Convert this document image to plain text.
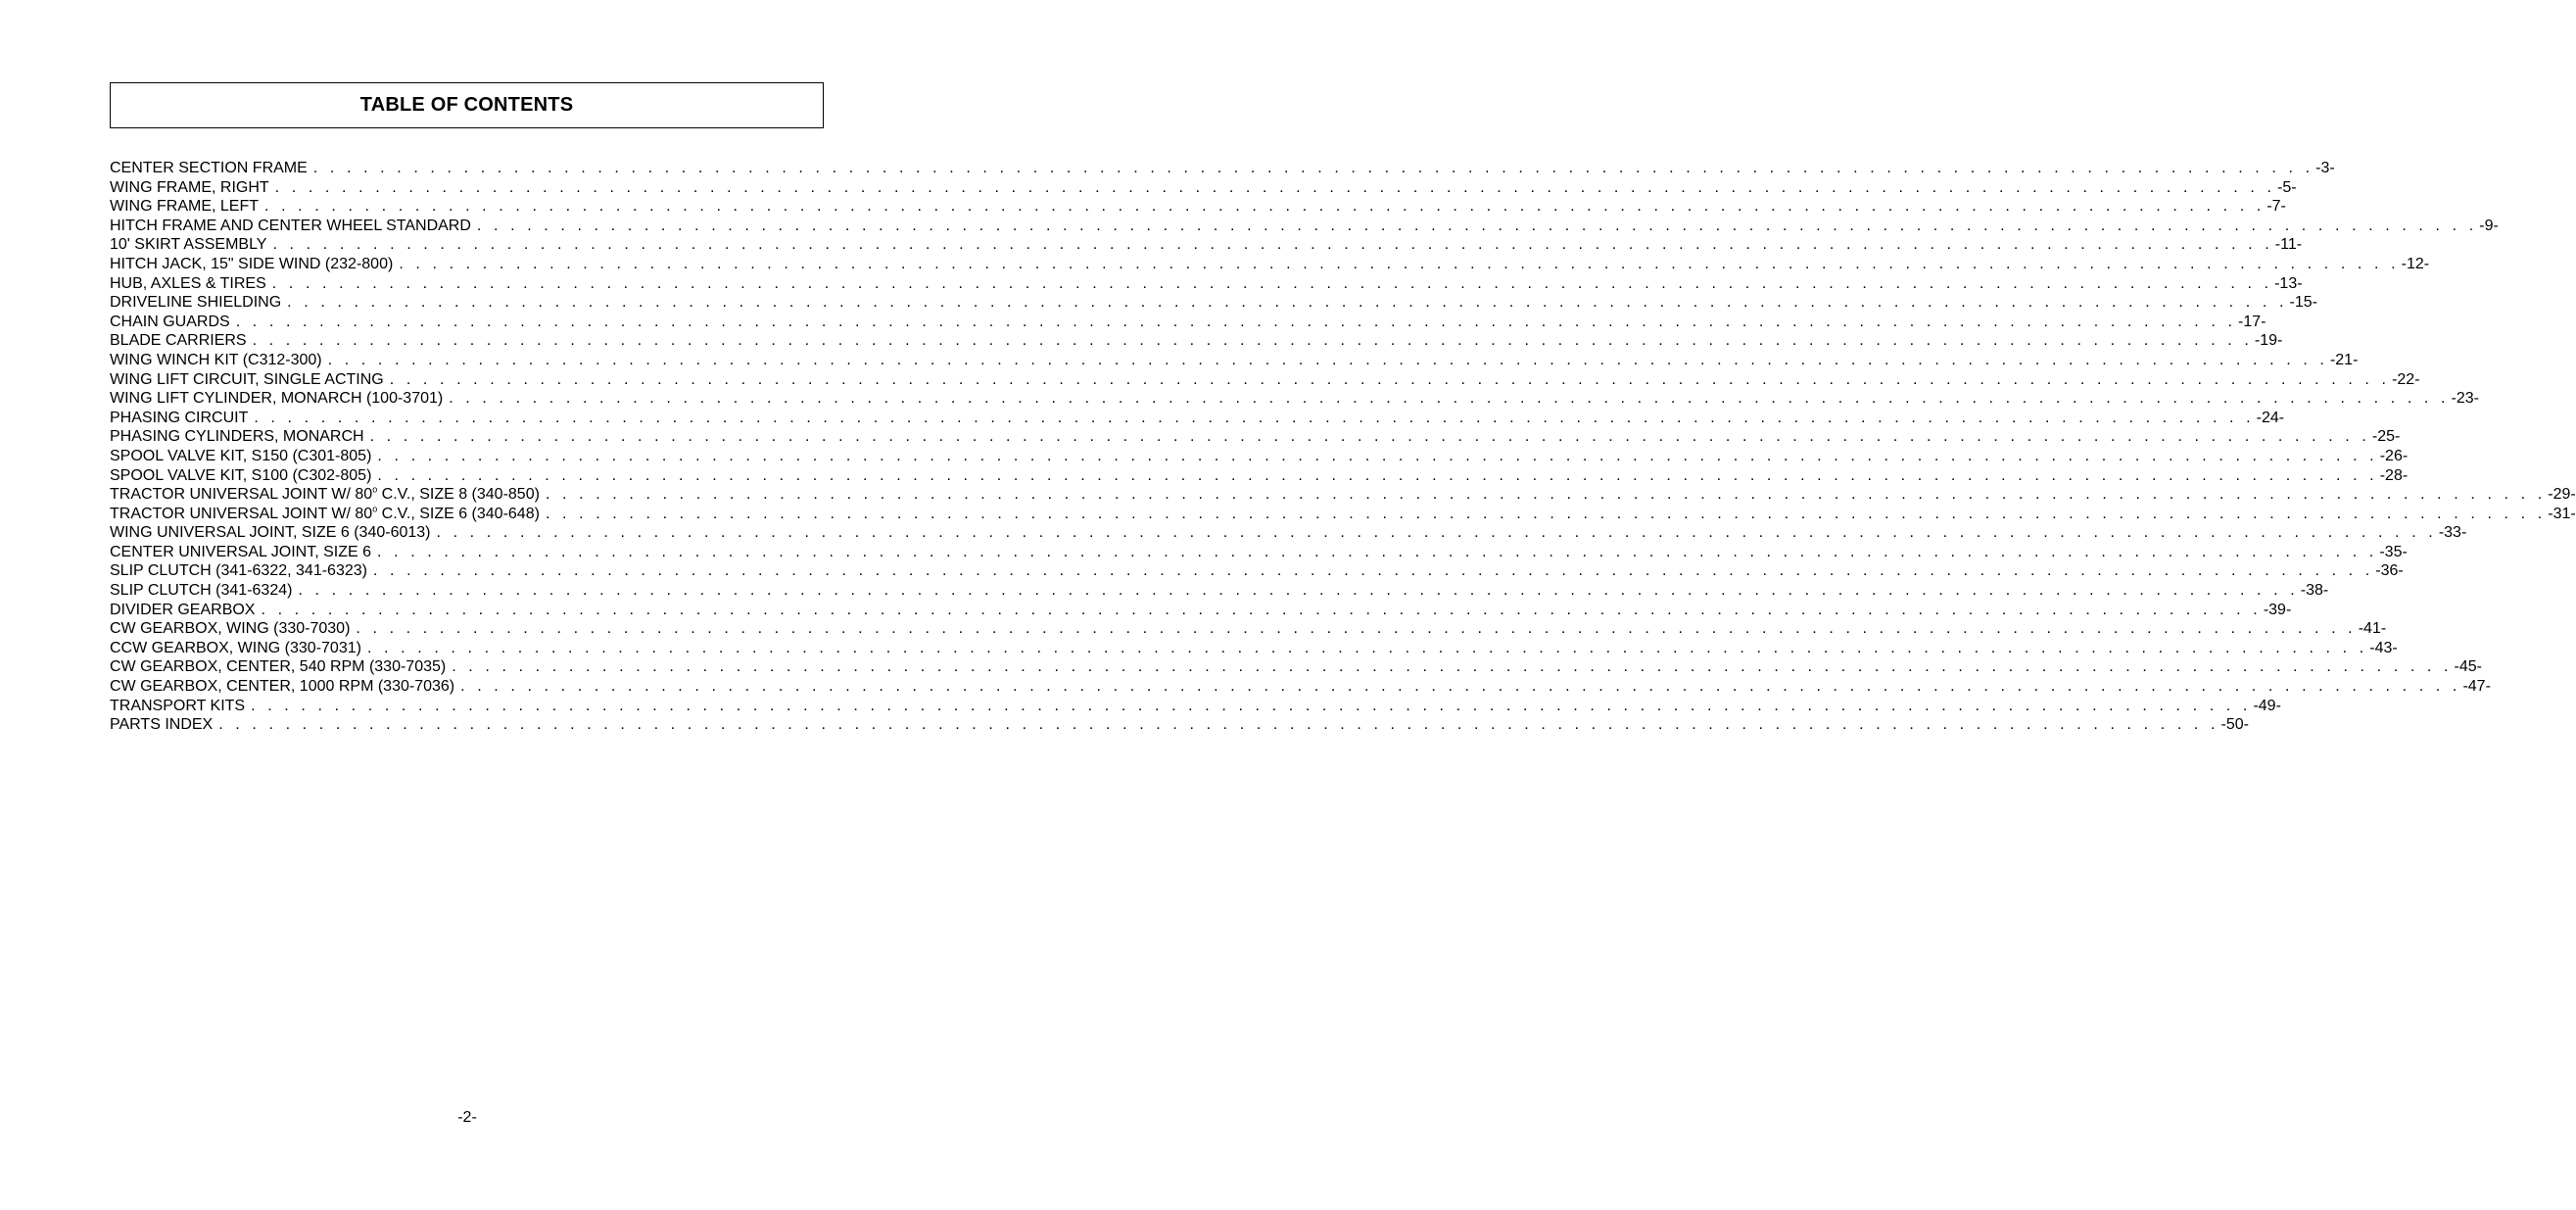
TABLE OF CONTENTS
CENTER SECTION FRAME . . . . . . . . . . . . . . . . . . . . . . . . . . . . . . . . . . . . . . . . . . . . . . . . . . . . . . . . . . . . . . . . . . . . . . . . . . . . . . . . . . . . . . . . . . . . . . . . . . . . . . . . . . . . . . . . . . . . . . . . -3-
WING FRAME, RIGHT . . . . . . . . . . . . . . . . . . . . . . . . . . . . . . . . . . . . . . . . . . . . . . . . . . . . . . . . . . . . . . . . . . . . . . . . . . . . . . . . . . . . . . . . . . . . . . . . . . . . . . . . . . . . . . . . . . . . . . . . -5-
WING FRAME, LEFT . . . . . . . . . . . . . . . . . . . . . . . . . . . . . . . . . . . . . . . . . . . . . . . . . . . . . . . . . . . . . . . . . . . . . . . . . . . . . . . . . . . . . . . . . . . . . . . . . . . . . . . . . . . . . . . . . . . . . . . . -7-
HITCH FRAME AND CENTER WHEEL STANDARD . . . . . . . . . . . . . . . . . . . . . . . . . . . . . . . . . . . . . . . . . . . . . . . . . . . . . . . . . . . . . . . . . . . . . . . . . . . . . . . . . . . . . . . . . . . . . . . . . . . . . . . . . . . . . . . . . . . . . . . . -9-
10' SKIRT ASSEMBLY . . . . . . . . . . . . . . . . . . . . . . . . . . . . . . . . . . . . . . . . . . . . . . . . . . . . . . . . . . . . . . . . . . . . . . . . . . . . . . . . . . . . . . . . . . . . . . . . . . . . . . . . . . . . . . . . . . . . . . . . -11-
HITCH JACK, 15" SIDE WIND (232-800) . . . . . . . . . . . . . . . . . . . . . . . . . . . . . . . . . . . . . . . . . . . . . . . . . . . . . . . . . . . . . . . . . . . . . . . . . . . . . . . . . . . . . . . . . . . . . . . . . . . . . . . . . . . . . . . . . . . . . . . . -12-
HUB, AXLES & TIRES . . . . . . . . . . . . . . . . . . . . . . . . . . . . . . . . . . . . . . . . . . . . . . . . . . . . . . . . . . . . . . . . . . . . . . . . . . . . . . . . . . . . . . . . . . . . . . . . . . . . . . . . . . . . . . . . . . . . . . . . -13-
DRIVELINE SHIELDING . . . . . . . . . . . . . . . . . . . . . . . . . . . . . . . . . . . . . . . . . . . . . . . . . . . . . . . . . . . . . . . . . . . . . . . . . . . . . . . . . . . . . . . . . . . . . . . . . . . . . . . . . . . . . . . . . . . . . . . . -15-
CHAIN GUARDS . . . . . . . . . . . . . . . . . . . . . . . . . . . . . . . . . . . . . . . . . . . . . . . . . . . . . . . . . . . . . . . . . . . . . . . . . . . . . . . . . . . . . . . . . . . . . . . . . . . . . . . . . . . . . . . . . . . . . . . . -17-
BLADE CARRIERS . . . . . . . . . . . . . . . . . . . . . . . . . . . . . . . . . . . . . . . . . . . . . . . . . . . . . . . . . . . . . . . . . . . . . . . . . . . . . . . . . . . . . . . . . . . . . . . . . . . . . . . . . . . . . . . . . . . . . . . . -19-
WING WINCH KIT (C312-300) . . . . . . . . . . . . . . . . . . . . . . . . . . . . . . . . . . . . . . . . . . . . . . . . . . . . . . . . . . . . . . . . . . . . . . . . . . . . . . . . . . . . . . . . . . . . . . . . . . . . . . . . . . . . . . . . . . . . . . . . -21-
WING LIFT CIRCUIT, SINGLE ACTING . . . . . . . . . . . . . . . . . . . . . . . . . . . . . . . . . . . . . . . . . . . . . . . . . . . . . . . . . . . . . . . . . . . . . . . . . . . . . . . . . . . . . . . . . . . . . . . . . . . . . . . . . . . . . . . . . . . . . . . . -22-
WING LIFT CYLINDER, MONARCH (100-3701) . . . . . . . . . . . . . . . . . . . . . . . . . . . . . . . . . . . . . . . . . . . . . . . . . . . . . . . . . . . . . . . . . . . . . . . . . . . . . . . . . . . . . . . . . . . . . . . . . . . . . . . . . . . . . . . . . . . . . . . . -23-
PHASING CIRCUIT . . . . . . . . . . . . . . . . . . . . . . . . . . . . . . . . . . . . . . . . . . . . . . . . . . . . . . . . . . . . . . . . . . . . . . . . . . . . . . . . . . . . . . . . . . . . . . . . . . . . . . . . . . . . . . . . . . . . . . . . -24-
PHASING CYLINDERS, MONARCH . . . . . . . . . . . . . . . . . . . . . . . . . . . . . . . . . . . . . . . . . . . . . . . . . . . . . . . . . . . . . . . . . . . . . . . . . . . . . . . . . . . . . . . . . . . . . . . . . . . . . . . . . . . . . . . . . . . . . . . . -25-
SPOOL VALVE KIT, S150 (C301-805) . . . . . . . . . . . . . . . . . . . . . . . . . . . . . . . . . . . . . . . . . . . . . . . . . . . . . . . . . . . . . . . . . . . . . . . . . . . . . . . . . . . . . . . . . . . . . . . . . . . . . . . . . . . . . . . . . . . . . . . . -26-
SPOOL VALVE KIT, S100 (C302-805) . . . . . . . . . . . . . . . . . . . . . . . . . . . . . . . . . . . . . . . . . . . . . . . . . . . . . . . . . . . . . . . . . . . . . . . . . . . . . . . . . . . . . . . . . . . . . . . . . . . . . . . . . . . . . . . . . . . . . . . . -28-
TRACTOR UNIVERSAL JOINT W/ 80$^o$ C.V., SIZE 8 (340-850) . . . . . . . . . . . . . . . . . . . . . . . . . . . . . . . . . . . . . . . . . . . . . . . . . . . . . . . . . . . . . . . . . . . . . . . . . . . . . . . . . . . . . . . . . . . . . . . . . . . . . . . . . . . . . . . . . . . . . . . . -29-
TRACTOR UNIVERSAL JOINT W/ 80$^o$ C.V., SIZE 6 (340-648) . . . . . . . . . . . . . . . . . . . . . . . . . . . . . . . . . . . . . . . . . . . . . . . . . . . . . . . . . . . . . . . . . . . . . . . . . . . . . . . . . . . . . . . . . . . . . . . . . . . . . . . . . . . . . . . . . . . . . . . . -31-
WING UNIVERSAL JOINT, SIZE 6 (340-6013) . . . . . . . . . . . . . . . . . . . . . . . . . . . . . . . . . . . . . . . . . . . . . . . . . . . . . . . . . . . . . . . . . . . . . . . . . . . . . . . . . . . . . . . . . . . . . . . . . . . . . . . . . . . . . . . . . . . . . . . . -33-
CENTER UNIVERSAL JOINT, SIZE 6 . . . . . . . . . . . . . . . . . . . . . . . . . . . . . . . . . . . . . . . . . . . . . . . . . . . . . . . . . . . . . . . . . . . . . . . . . . . . . . . . . . . . . . . . . . . . . . . . . . . . . . . . . . . . . . . . . . . . . . . . -35-
SLIP CLUTCH (341-6322, 341-6323) . . . . . . . . . . . . . . . . . . . . . . . . . . . . . . . . . . . . . . . . . . . . . . . . . . . . . . . . . . . . . . . . . . . . . . . . . . . . . . . . . . . . . . . . . . . . . . . . . . . . . . . . . . . . . . . . . . . . . . . . -36-
SLIP CLUTCH (341-6324) . . . . . . . . . . . . . . . . . . . . . . . . . . . . . . . . . . . . . . . . . . . . . . . . . . . . . . . . . . . . . . . . . . . . . . . . . . . . . . . . . . . . . . . . . . . . . . . . . . . . . . . . . . . . . . . . . . . . . . . . -38-
DIVIDER GEARBOX . . . . . . . . . . . . . . . . . . . . . . . . . . . . . . . . . . . . . . . . . . . . . . . . . . . . . . . . . . . . . . . . . . . . . . . . . . . . . . . . . . . . . . . . . . . . . . . . . . . . . . . . . . . . . . . . . . . . . . . . -39-
CW GEARBOX, WING (330-7030) . . . . . . . . . . . . . . . . . . . . . . . . . . . . . . . . . . . . . . . . . . . . . . . . . . . . . . . . . . . . . . . . . . . . . . . . . . . . . . . . . . . . . . . . . . . . . . . . . . . . . . . . . . . . . . . . . . . . . . . . -41-
CCW GEARBOX, WING (330-7031) . . . . . . . . . . . . . . . . . . . . . . . . . . . . . . . . . . . . . . . . . . . . . . . . . . . . . . . . . . . . . . . . . . . . . . . . . . . . . . . . . . . . . . . . . . . . . . . . . . . . . . . . . . . . . . . . . . . . . . . . -43-
CW GEARBOX, CENTER, 540 RPM (330-7035) . . . . . . . . . . . . . . . . . . . . . . . . . . . . . . . . . . . . . . . . . . . . . . . . . . . . . . . . . . . . . . . . . . . . . . . . . . . . . . . . . . . . . . . . . . . . . . . . . . . . . . . . . . . . . . . . . . . . . . . . -45-
CW GEARBOX, CENTER, 1000 RPM (330-7036) . . . . . . . . . . . . . . . . . . . . . . . . . . . . . . . . . . . . . . . . . . . . . . . . . . . . . . . . . . . . . . . . . . . . . . . . . . . . . . . . . . . . . . . . . . . . . . . . . . . . . . . . . . . . . . . . . . . . . . . . -47-
TRANSPORT KITS . . . . . . . . . . . . . . . . . . . . . . . . . . . . . . . . . . . . . . . . . . . . . . . . . . . . . . . . . . . . . . . . . . . . . . . . . . . . . . . . . . . . . . . . . . . . . . . . . . . . . . . . . . . . . . . . . . . . . . . . -49-
PARTS INDEX . . . . . . . . . . . . . . . . . . . . . . . . . . . . . . . . . . . . . . . . . . . . . . . . . . . . . . . . . . . . . . . . . . . . . . . . . . . . . . . . . . . . . . . . . . . . . . . . . . . . . . . . . . . . . . . . . . . . . . . . -50-
-2-
